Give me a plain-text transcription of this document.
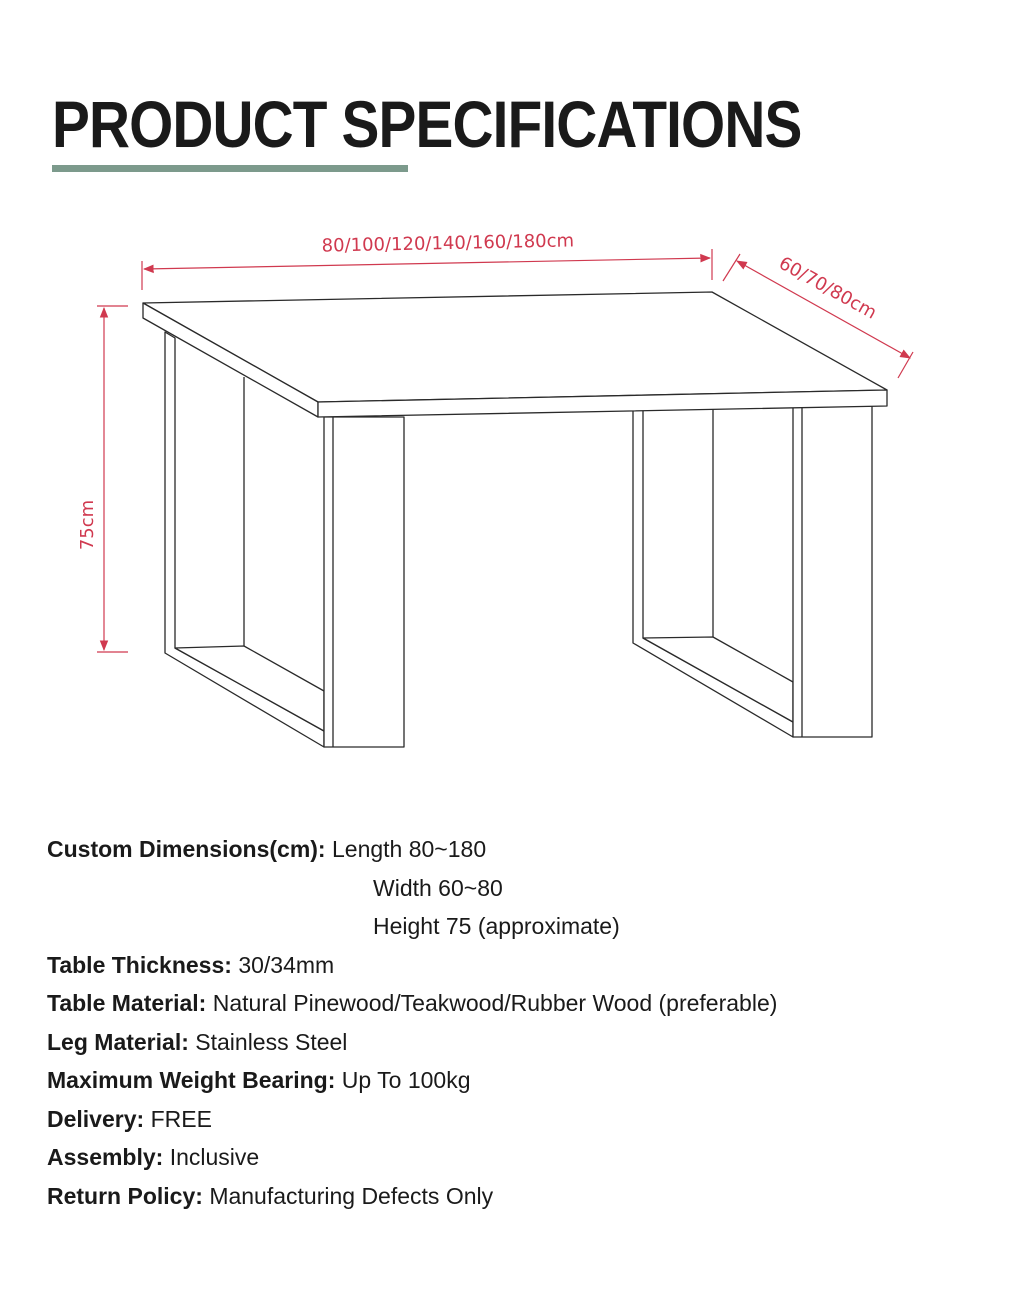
PRODUCT SPECIFICATIONS
80/100/120/140/160/180cm
60/70/80cm
75cm
Custom Dimensions(cm): Length 80~180
Width 60~80
Height 75 (approximate)
Table Thickness: 30/34mm
Table Material: Natural Pinewood/Teakwood/Rubber Wood (preferable)
Leg Material: Stainless Steel
Maximum Weight Bearing: Up To 100kg
Delivery: FREE
Assembly: Inclusive
Return Policy: Manufacturing Defects Only
